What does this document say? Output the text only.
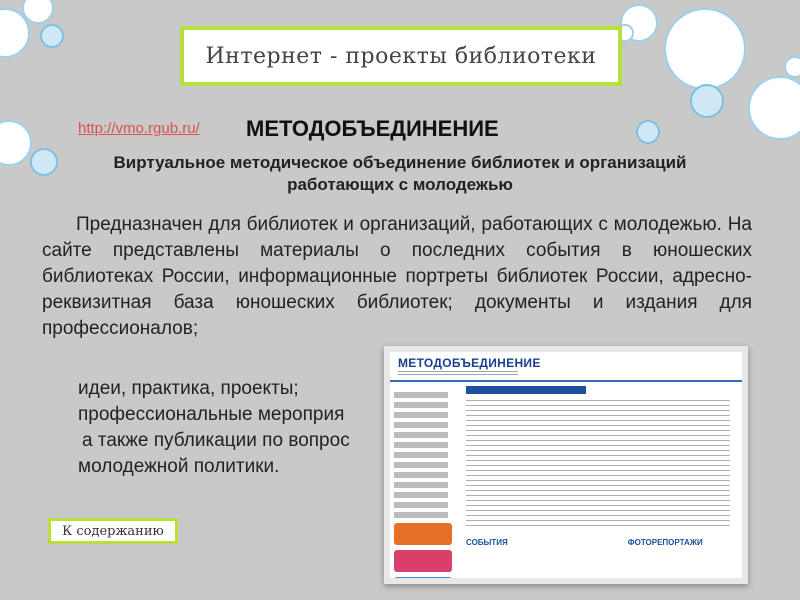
Интернет - проекты библиотеки
http://vmo.rgub.ru/ МЕТОДОБЪЕДИНЕНИЕ
Виртуальное методическое объединение библиотек и организаций работающих с молодежью

Предназначен для библиотек и организаций, работающих с молодежью. На сайте представлены материалы о последних события в юношеских библиотеках России, информационные портреты библиотек России, адресно-реквизитная база юношеских библиотек; документы и издания для профессионалов;

идеи, практика, проекты;
профессиональные мероприя
а также публикации по вопрос
молодежной политики.
МЕТОДОБЪЕДИНЕНИЕ
СОБЫТИЯ	ФОТОРЕПОРТАЖИ
К содержанию
